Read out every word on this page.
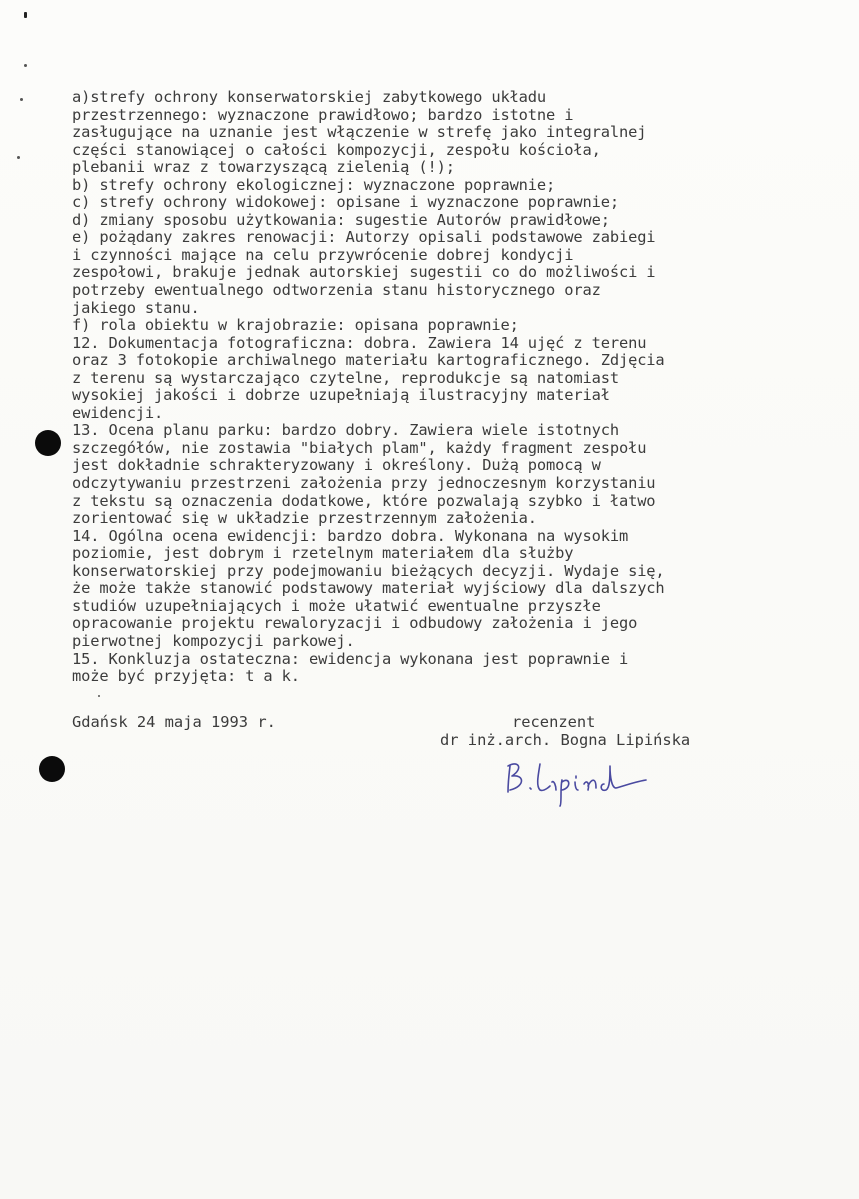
a)strefy ochrony konserwatorskiej zabytkowego układu
przestrzennego: wyznaczone prawidłowo; bardzo istotne i
zasługujące na uznanie jest włączenie w strefę jako integralnej
części stanowiącej o całości kompozycji, zespołu kościoła,
plebanii wraz z towarzyszącą zielenią (!);
b) strefy ochrony ekologicznej: wyznaczone poprawnie;
c) strefy ochrony widokowej: opisane i wyznaczone poprawnie;
d) zmiany sposobu użytkowania: sugestie Autorów prawidłowe;
e) pożądany zakres renowacji: Autorzy opisali podstawowe zabiegi
i czynności mające na celu przywrócenie dobrej kondycji
zespołowi, brakuje jednak autorskiej sugestii co do możliwości i
potrzeby ewentualnego odtworzenia stanu historycznego oraz
jakiego stanu.
f) rola obiektu w krajobrazie: opisana poprawnie;
12. Dokumentacja fotograficzna: dobra. Zawiera 14 ujęć z terenu
oraz 3 fotokopie archiwalnego materiału kartograficznego. Zdjęcia
z terenu są wystarczająco czytelne, reprodukcje są natomiast
wysokiej jakości i dobrze uzupełniają ilustracyjny materiał
ewidencji.
13. Ocena planu parku: bardzo dobry. Zawiera wiele istotnych
szczegółów, nie zostawia "białych plam", każdy fragment zespołu
jest dokładnie schrakteryzowany i określony. Dużą pomocą w
odczytywaniu przestrzeni założenia przy jednoczesnym korzystaniu
z tekstu są oznaczenia dodatkowe, które pozwalają szybko i łatwo
zorientować się w układzie przestrzennym założenia.
14. Ogólna ocena ewidencji: bardzo dobra. Wykonana na wysokim
poziomie, jest dobrym i rzetelnym materiałem dla służby
konserwatorskiej przy podejmowaniu bieżących decyzji. Wydaje się,
że może także stanowić podstawowy materiał wyjściowy dla dalszych
studiów uzupełniających i może ułatwić ewentualne przyszłe
opracowanie projektu rewaloryzacji i odbudowy założenia i jego
pierwotnej kompozycji parkowej.
15. Konkluzja ostateczna: ewidencja wykonana jest poprawnie i
może być przyjęta: t a k.
Gdańsk 24 maja 1993 r.	recenzent
dr inż.arch. Bogna Lipińska
